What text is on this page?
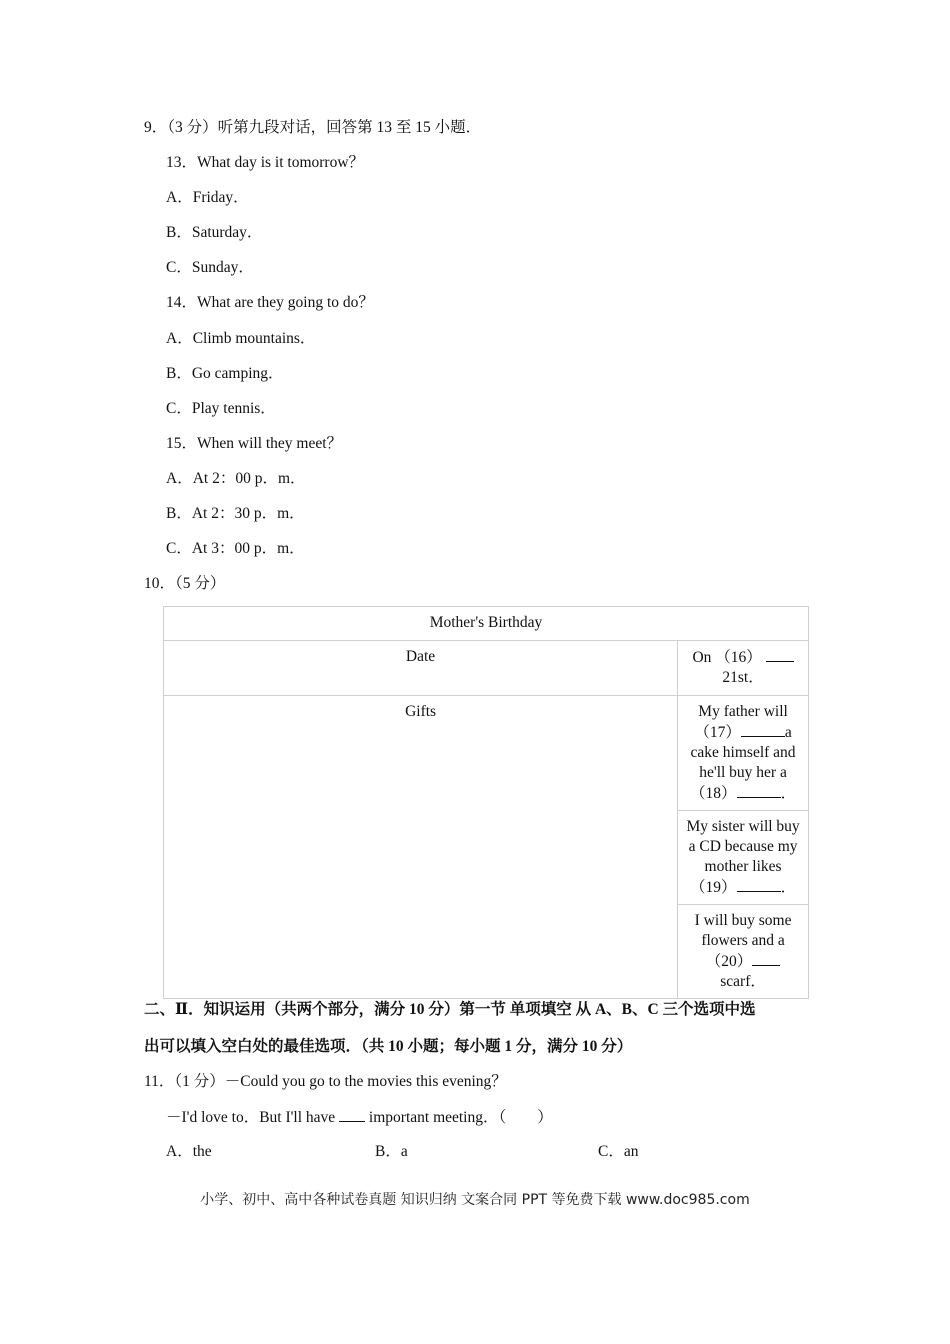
9．（3 分）听第九段对话，回答第 13 至 15 小题．
13．What day is it tomorrow？
A．Friday．
B．Saturday．
C．Sunday．
14．What are they going to do？
A．Climb mountains．
B．Go camping．
C．Play tennis．
15．When will they meet？
A．At 2：00 p．m．
B．At 2：30 p．m．
C．At 3：00 p．m．
10．（5 分）
Mother's Birthday	
Date	On （16）
21st．
Gifts	My father will
（17） a
cake himself and
he'll buy her a
（18） ．
	My sister will buy
a CD because my
mother likes
（19） ．
	I will buy some
flowers and a
（20）
scarf．
二、Ⅱ．知识运用（共两个部分，满分 10 分）第一节 单项填空 从 A、B、C 三个选项中选
出可以填入空白处的最佳选项．（共 10 小题；每小题 1 分，满分 10 分）
11．（1 分）－Could you go to the movies this evening？
－I'd love to．But I'll have important meeting．（　　）
A．the	B．a	C．an
小学、初中、高中各种试卷真题 知识归纳 文案合同 PPT 等免费下载 www.doc985.com
